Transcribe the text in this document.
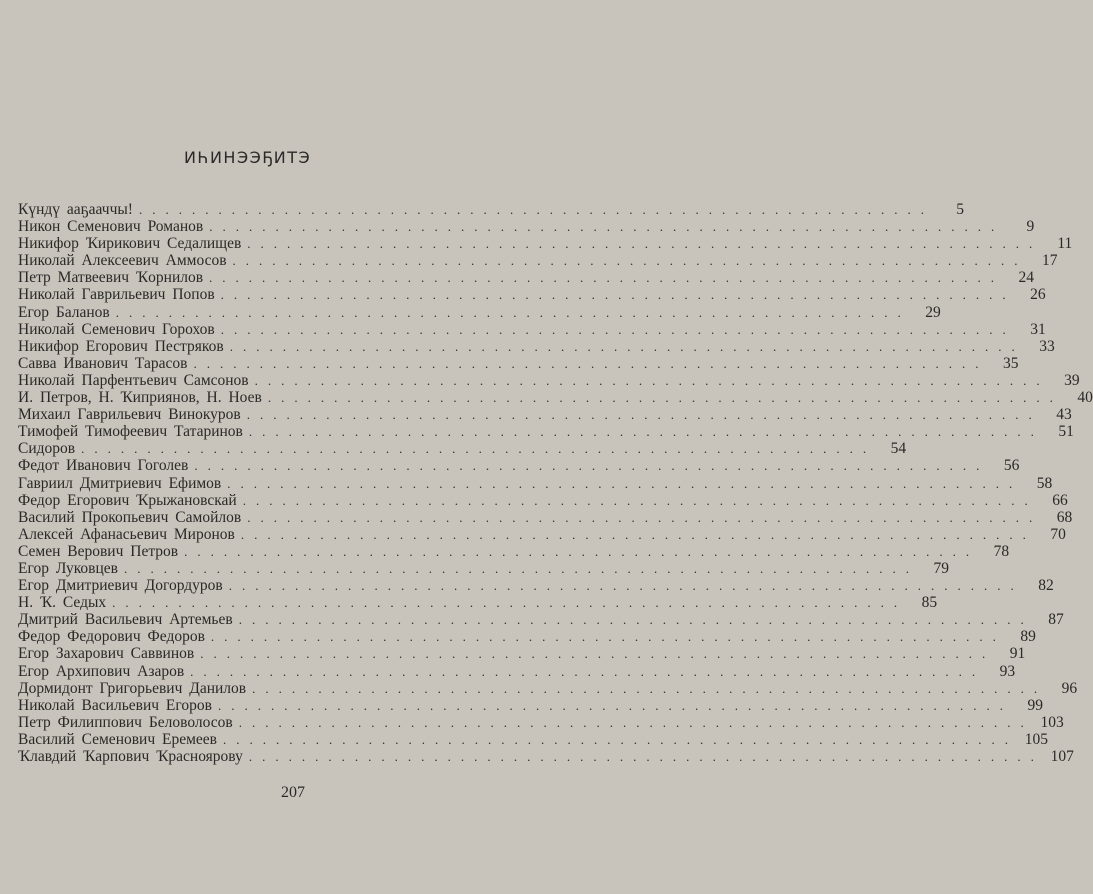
ИҺИНЭЭҔИТЭ
Күндү ааҕааччы! ............................................................	5
Никон Семенович Романов ............................................................	9
Никифор Ҡирикович Седалищев ............................................................ 11
Николай Алексеевич Аммосов ............................................................ 17
Петр Матвеевич Ҡорнилов ............................................................ 24
Николай Гаврильевич Попов ............................................................ 26
Егор Баланов ............................................................ 29
Николай Семенович Горохов ............................................................ 31
Никифор Егорович Пестряков ............................................................ 33
Савва Иванович Тарасов ............................................................ 35
Николай Парфентьевич Самсонов ............................................................ 39
И. Петров, Н. Ҡиприянов, Н. Ноев ............................................................ 40
Михаил Гаврильевич Винокуров ............................................................ 43
Тимофей Тимофеевич Татаринов ............................................................ 51
Сидоров ............................................................ 54
Федот Иванович Гоголев ............................................................ 56
Гавриил Дмитриевич Ефимов ............................................................ 58
Федор Егорович Ҡрыжановскай ............................................................ 66
Василий Прокопьевич Самойлов ............................................................ 68
Алексей Афанасьевич Миронов ............................................................ 70
Семен Верович Петров ............................................................ 78
Егор Луковцев ............................................................ 79
Егор Дмитриевич Догордуров ............................................................ 82
Н. Ҡ. Седых ............................................................ 85
Дмитрий Васильевич Артемьев ............................................................ 87
Федор Федорович Федоров ............................................................ 89
Егор Захарович Саввинов ............................................................ 91
Егор Архипович Азаров ............................................................ 93
Дормидонт Григорьевич Данилов ............................................................ 96
Николай Васильевич Егоров ............................................................ 99
Петр Филиппович Беловолосов ............................................................ 103
Василий Семенович Еремеев ............................................................ 105
Ҡлавдий Ҡарпович Ҡрасноярову ............................................................ 107
207
